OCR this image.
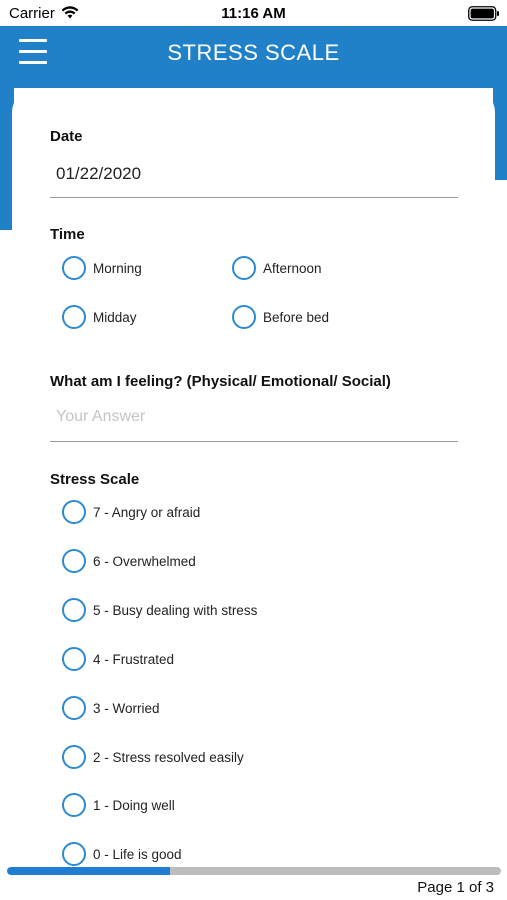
Carrier	11:16 AM
STRESS SCALE
Date
01/22/2020
Time
Morning	Afternoon
Midday	Before bed
What am I feeling? (Physical/ Emotional/ Social)
Your Answer
Stress Scale
7 - Angry or afraid
6 - Overwhelmed
5 - Busy dealing with stress
4 - Frustrated
3 - Worried
2 - Stress resolved easily
1 - Doing well
0 - Life is good
Page 1 of 3
